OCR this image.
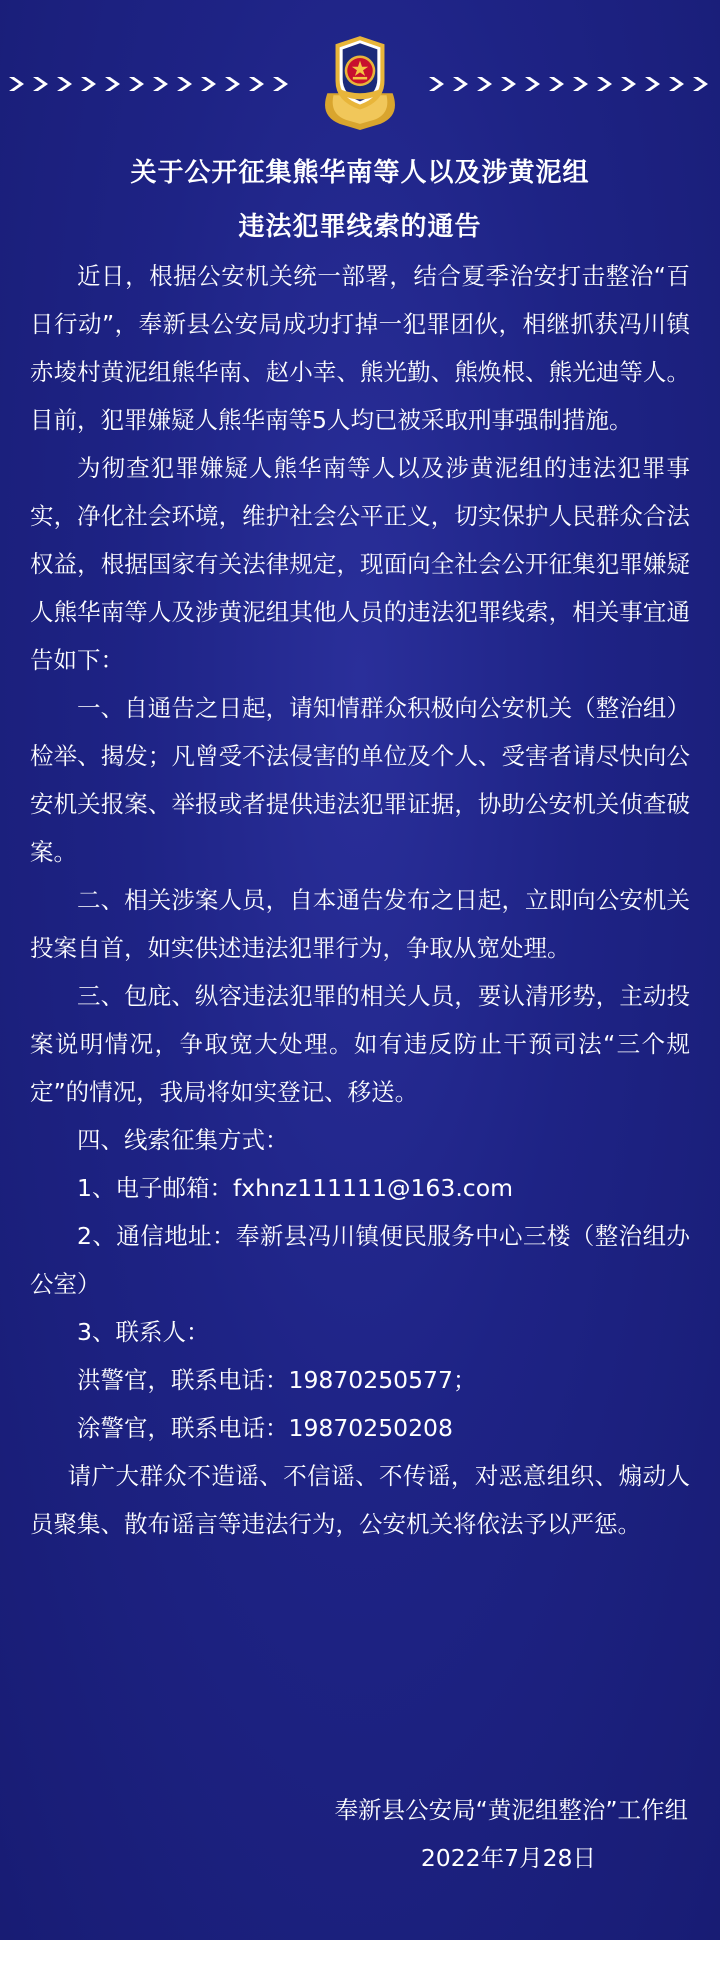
关于公开征集熊华南等人以及涉黄泥组
违法犯罪线索的通告

近日，根据公安机关统一部署，结合夏季治安打击整治“百日行动”，奉新县公安局成功打掉一犯罪团伙，相继抓获冯川镇赤堎村黄泥组熊华南、赵小幸、熊光勤、熊焕根、熊光迪等人。目前，犯罪嫌疑人熊华南等5人均已被采取刑事强制措施。

为彻查犯罪嫌疑人熊华南等人以及涉黄泥组的违法犯罪事实，净化社会环境，维护社会公平正义，切实保护人民群众合法权益，根据国家有关法律规定，现面向全社会公开征集犯罪嫌疑人熊华南等人及涉黄泥组其他人员的违法犯罪线索，相关事宜通告如下：

一、自通告之日起，请知情群众积极向公安机关（整治组）检举、揭发；凡曾受不法侵害的单位及个人、受害者请尽快向公安机关报案、举报或者提供违法犯罪证据，协助公安机关侦查破案。

二、相关涉案人员，自本通告发布之日起，立即向公安机关投案自首，如实供述违法犯罪行为，争取从宽处理。

三、包庇、纵容违法犯罪的相关人员，要认清形势，主动投案说明情况，争取宽大处理。如有违反防止干预司法“三个规定”的情况，我局将如实登记、移送。

四、线索征集方式：

1、电子邮箱：fxhnz111111@163.com

2、通信地址：奉新县冯川镇便民服务中心三楼（整治组办公室）

3、联系人：

洪警官，联系电话：19870250577；

涂警官，联系电话：19870250208

请广大群众不造谣、不信谣、不传谣，对恶意组织、煽动人员聚集、散布谣言等违法行为，公安机关将依法予以严惩。

奉新县公安局“黄泥组整治”工作组
2022年7月28日
